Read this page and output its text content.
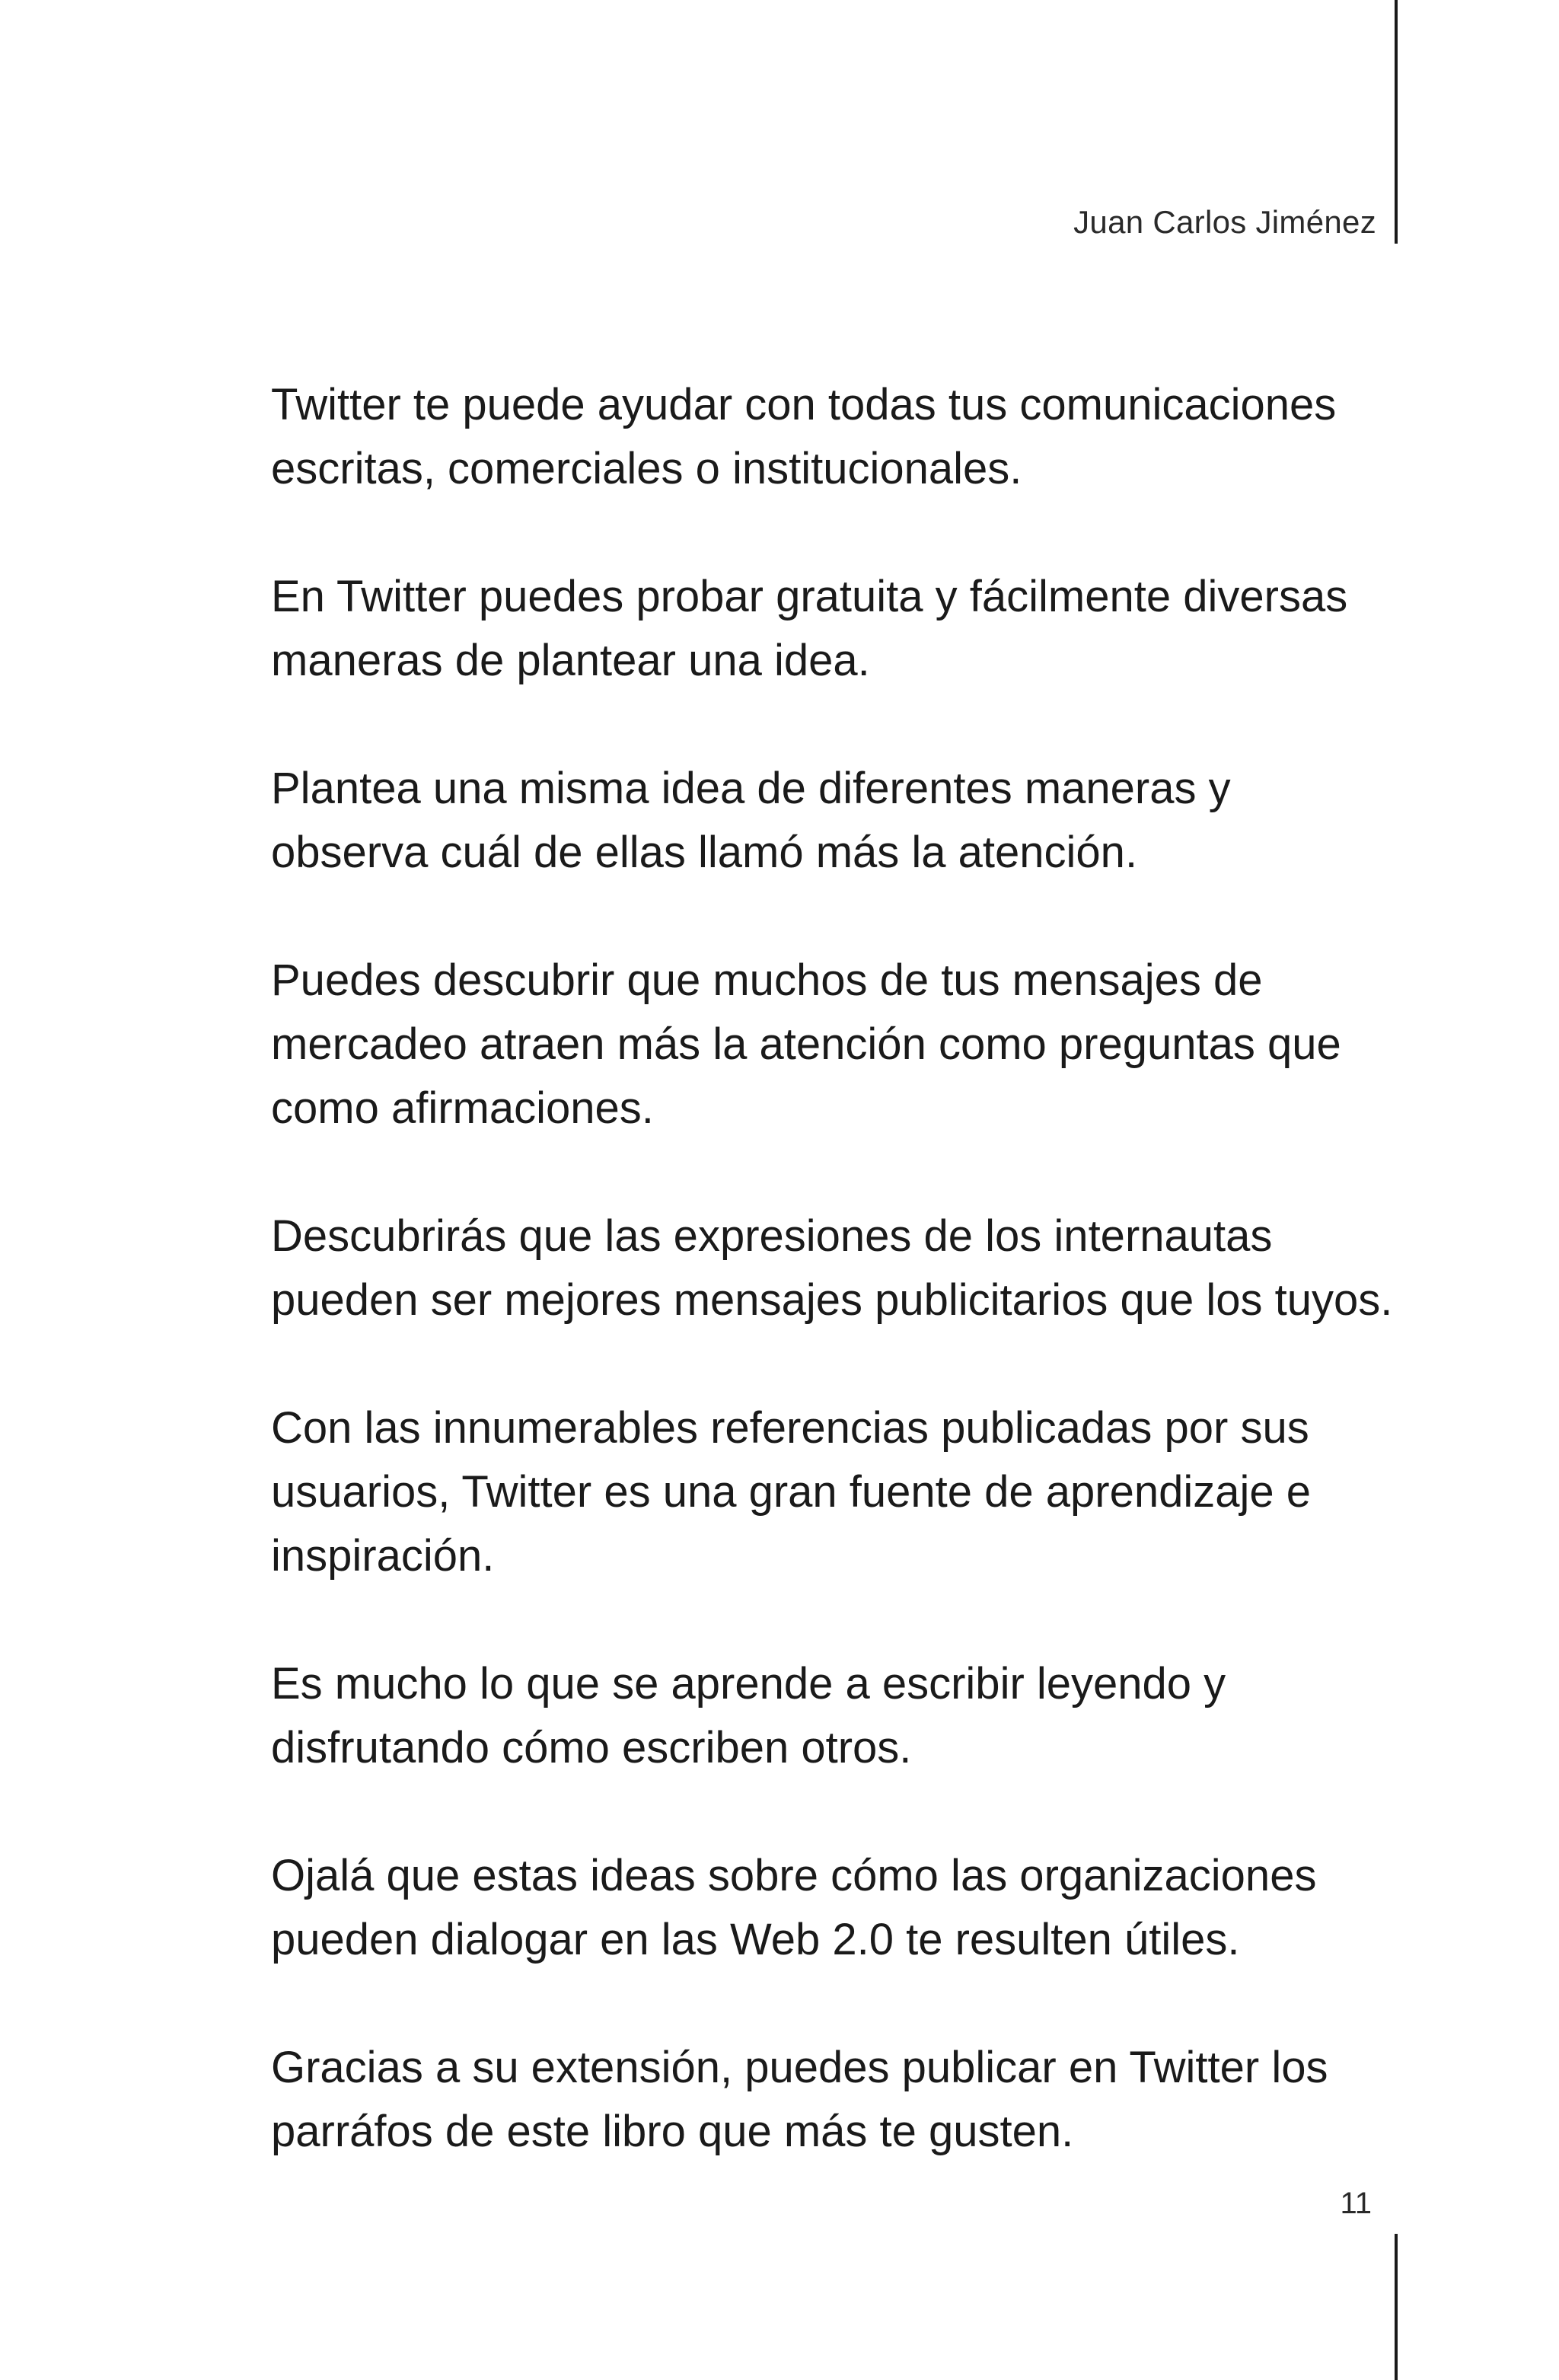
Juan Carlos Jiménez

Twitter te puede ayudar con todas tus comunicaciones
escritas, comerciales o institucionales.

En Twitter puedes probar gratuita y fácilmente diversas
maneras de plantear una idea.

Plantea una misma idea de diferentes maneras y
observa cuál de ellas llamó más la atención.

Puedes descubrir que muchos de tus mensajes de
mercadeo atraen más la atención como preguntas que
como afirmaciones.

Descubrirás que las expresiones de los internautas
pueden ser mejores mensajes publicitarios que los tuyos.

Con las innumerables referencias publicadas por sus
usuarios, Twitter es una gran fuente de aprendizaje e
inspiración.

Es mucho lo que se aprende a escribir leyendo y
disfrutando cómo escriben otros.

Ojalá que estas ideas sobre cómo las organizaciones
pueden dialogar en las Web 2.0 te resulten útiles.

Gracias a su extensión, puedes publicar en Twitter los
parráfos de este libro que más te gusten.

11
